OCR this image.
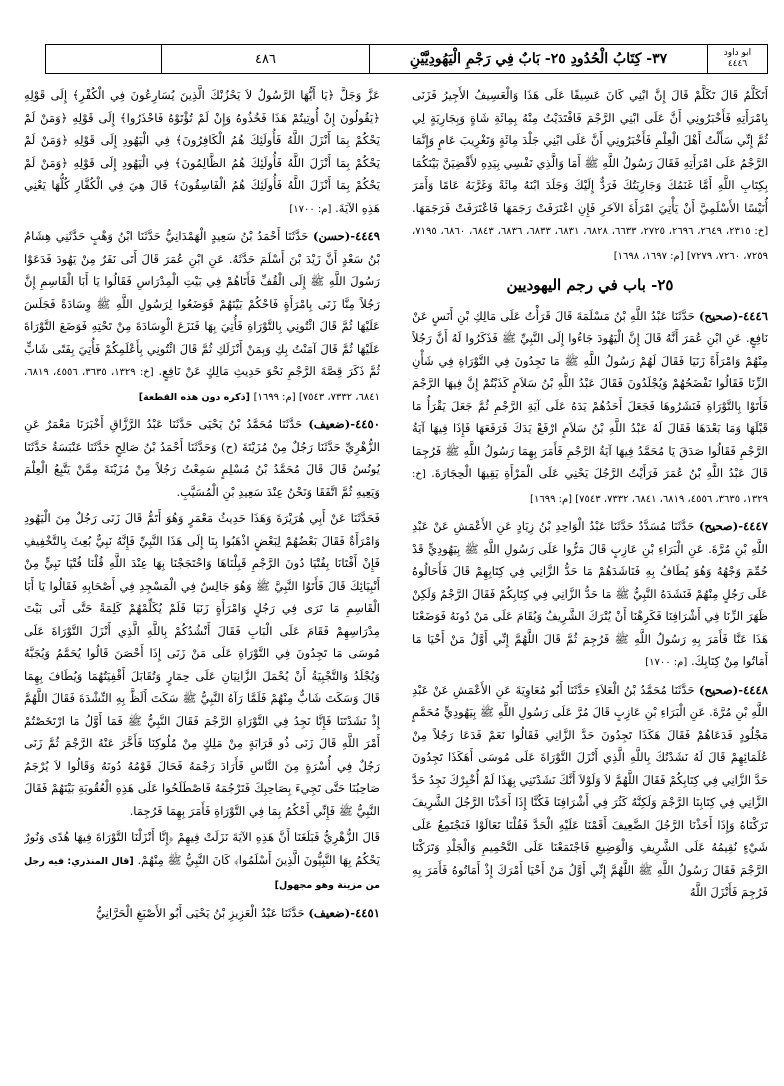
ابو داود
٤٤٤٦
٣٧- كِتَابُ الْحُدُودِ ٢٥- بَابٌ فِي رَجْمِ الْيَهُودِيَّيْنِ
٤٨٦

أَتَكَلَّمُ قَالَ تَكَلَّمْ قَالَ إِنَّ ابْنِي كَانَ عَسِيفًا عَلَى هَذَا وَالْعَسِيفُ الأَجِيرُ فَزَنَى بِامْرَأَتِهِ فَأَخْبَرُونِي أَنَّ عَلَى ابْنِي الرَّجْمَ فَافْتَدَيْتُ مِنْهُ بِمِائَةِ شَاةٍ وَبِجَارِيَةٍ لِي ثُمَّ إِنِّي سَأَلْتُ أَهْلَ الْعِلْمِ فَأَخْبَرُونِي أَنَّ عَلَى ابْنِي جَلْدَ مِائَةٍ وَتَغْرِيبَ عَامٍ وَإِنَّمَا الرَّجْمُ عَلَى امْرَأَتِهِ فَقَالَ رَسُولُ اللَّهِ ﷺ أَمَا وَالَّذِي نَفْسِي بِيَدِهِ لأَقْضِيَنَّ بَيْنَكُمَا بِكِتَابِ اللَّهِ أَمَّا غَنَمُكَ وَجَارِيَتُكَ فَرَدٌّ إِلَيْكَ وَجَلَدَ ابْنَهُ مِائَةً وَغَرَّبَهُ عَامًا وَأَمَرَ أُنَيْسًا الأَسْلَمِيَّ أَنْ يَأْتِيَ امْرَأَةَ الآخَرِ فَإِنِ اعْتَرَفَتْ رَجَمَهَا فَاعْتَرَفَتْ فَرَجَمَهَا. [خ: ٢٣١٥، ٢٦٤٩، ٢٦٩٦، ٢٧٢٥، ٦٦٣٣، ٦٨٢٨، ٦٨٣١، ٦٨٣٣، ٦٨٣٦، ٦٨٤٣، ٦٨٦٠، ٧١٩٥، ٧٢٥٩، ٧٢٦٠، ٧٢٧٩] [م: ١٦٩٧، ١٦٩٨]

٢٥- باب في رجم اليهوديين

٤٤٤٦-(صحيح) حَدَّثَنَا عَبْدُ اللَّهِ بْنُ مَسْلَمَةَ قَالَ قَرَأْتُ عَلَى مَالِكِ بْنِ أَنَسٍ عَنْ نَافِعٍ. عَنِ ابْنِ عُمَرَ أَنَّهُ قَالَ إِنَّ الْيَهُودَ جَاءُوا إِلَى النَّبِيِّ ﷺ فَذَكَرُوا لَهُ أَنَّ رَجُلاً مِنْهُمْ وَامْرَأَةً زَنَيَا فَقَالَ لَهُمْ رَسُولُ اللَّهِ ﷺ مَا تَجِدُونَ فِي التَّوْرَاةِ فِي شَأْنِ الزِّنَا فَقَالُوا نَفْضَحُهُمْ وَيُجْلَدُونَ فَقَالَ عَبْدُ اللَّهِ بْنُ سَلاَمٍ كَذَبْتُمْ إِنَّ فِيهَا الرَّجْمَ فَأَتَوْا بِالتَّوْرَاةِ فَنَشَرُوهَا فَجَعَلَ أَحَدُهُمْ يَدَهُ عَلَى آيَةِ الرَّجْمِ ثُمَّ جَعَلَ يَقْرَأُ مَا قَبْلَهَا وَمَا بَعْدَهَا فَقَالَ لَهُ عَبْدُ اللَّهِ بْنُ سَلاَمٍ ارْفَعْ يَدَكَ فَرَفَعَهَا فَإِذَا فِيهَا آيَةُ الرَّجْمِ فَقَالُوا صَدَقَ يَا مُحَمَّدُ فِيهَا آيَةُ الرَّجْمِ فَأَمَرَ بِهِمَا رَسُولُ اللَّهِ ﷺ فَرُجِمَا قَالَ عَبْدُ اللَّهِ بْنُ عُمَرَ فَرَأَيْتُ الرَّجُلَ يَحْنِي عَلَى الْمَرْأَةِ يَقِيهَا الْحِجَارَةَ. [خ: ١٣٢٩، ٣٦٣٥، ٤٥٥٦، ٦٨١٩، ٦٨٤١، ٧٣٣٢، ٧٥٤٣] [م: ١٦٩٩]

٤٤٤٧-(صحيح) حَدَّثَنَا مُسَدَّدٌ حَدَّثَنَا عَبْدُ الْوَاحِدِ بْنُ زِيَادٍ عَنِ الأَعْمَشِ عَنْ عَبْدِ اللَّهِ بْنِ مُرَّةَ. عَنِ الْبَرَاءِ بْنِ عَازِبٍ قَالَ مَرُّوا عَلَى رَسُولِ اللَّهِ ﷺ بِيَهُودِيٍّ قَدْ حُمِّمَ وَجْهُهُ وَهُوَ يُطَافُ بِهِ فَنَاشَدَهُمْ مَا حَدُّ الزَّانِي فِي كِتَابِهِمْ قَالَ فَأَحَالُوهُ عَلَى رَجُلٍ مِنْهُمْ فَنَشَدَهُ النَّبِيُّ ﷺ مَا حَدُّ الزَّانِي فِي كِتَابِكُمْ فَقَالَ الرَّجْمُ وَلَكِنْ ظَهَرَ الزِّنَا فِي أَشْرَافِنَا فَكَرِهْنَا أَنْ يُتْرَكَ الشَّرِيفُ وَيُقَامَ عَلَى مَنْ دُونَهُ فَوَضَعْنَا هَذَا عَنَّا فَأَمَرَ بِهِ رَسُولُ اللَّهِ ﷺ فَرُجِمَ ثُمَّ قَالَ اللَّهُمَّ إِنِّي أَوَّلُ مَنْ أَحْيَا مَا أَمَاتُوا مِنْ كِتَابِكَ. [م: ١٧٠٠]

٤٤٤٨-(صحيح) حَدَّثَنَا مُحَمَّدُ بْنُ الْعَلاَءِ حَدَّثَنَا أَبُو مُعَاوِيَةَ عَنِ الأَعْمَشِ عَنْ عَبْدِ اللَّهِ بْنِ مُرَّةَ. عَنِ الْبَرَاءِ بْنِ عَازِبٍ قَالَ مُرَّ عَلَى رَسُولِ اللَّهِ ﷺ بِيَهُودِيٍّ مُحَمَّمٍ مَجْلُودٍ فَدَعَاهُمْ فَقَالَ هَكَذَا تَجِدُونَ حَدَّ الزَّانِي فَقَالُوا نَعَمْ فَدَعَا رَجُلاً مِنْ عُلَمَائِهِمْ قَالَ لَهُ نَشَدْتُكَ بِاللَّهِ الَّذِي أَنْزَلَ التَّوْرَاةَ عَلَى مُوسَى أَهَكَذَا تَجِدُونَ حَدَّ الزَّانِي فِي كِتَابِكُمْ فَقَالَ اللَّهُمَّ لاَ وَلَوْلاَ أَنَّكَ نَشَدْتَنِي بِهَذَا لَمْ أُخْبِرْكَ نَجِدُ حَدَّ الزَّانِي فِي كِتَابِنَا الرَّجْمَ وَلَكِنَّهُ كَثُرَ فِي أَشْرَافِنَا فَكُنَّا إِذَا أَخَذْنَا الرَّجُلَ الشَّرِيفَ تَرَكْنَاهُ وَإِذَا أَخَذْنَا الرَّجُلَ الضَّعِيفَ أَقَمْنَا عَلَيْهِ الْحَدَّ فَقُلْنَا تَعَالَوْا فَنَجْتَمِعُ عَلَى شَيْءٍ نُقِيمُهُ عَلَى الشَّرِيفِ وَالْوَضِيعِ فَاجْتَمَعْنَا عَلَى التَّحْمِيمِ وَالْجَلْدِ وَتَرَكْنَا الرَّجْمَ فَقَالَ رَسُولُ اللَّهِ ﷺ اللَّهُمَّ إِنِّي أَوَّلُ مَنْ أَحْيَا أَمْرَكَ إِذْ أَمَاتُوهُ فَأَمَرَ بِهِ فَرُجِمَ فَأَنْزَلَ اللَّهُ

عَزَّ وَجَلَّ ﴿يَا أَيُّهَا الرَّسُولُ لاَ يَحْزُنْكَ الَّذِينَ يُسَارِعُونَ فِي الْكُفْرِ﴾ إِلَى قَوْلِهِ ﴿يَقُولُونَ إِنْ أُوتِيتُمْ هَذَا فَخُذُوهُ وَإِنْ لَمْ تُؤْتَوْهُ فَاحْذَرُوا﴾ إِلَى قَوْلِهِ ﴿وَمَنْ لَمْ يَحْكُمْ بِمَا أَنْزَلَ اللَّهُ فَأُولَئِكَ هُمُ الْكَافِرُونَ﴾ فِي الْيَهُودِ إِلَى قَوْلِهِ ﴿وَمَنْ لَمْ يَحْكُمْ بِمَا أَنْزَلَ اللَّهُ فَأُولَئِكَ هُمُ الظَّالِمُونَ﴾ فِي الْيَهُودِ إِلَى قَوْلِهِ ﴿وَمَنْ لَمْ يَحْكُمْ بِمَا أَنْزَلَ اللَّهُ فَأُولَئِكَ هُمُ الْفَاسِقُونَ﴾ قَالَ هِيَ فِي الْكُفَّارِ كُلُّهَا يَعْنِي هَذِهِ الآيَةَ. [م: ١٧٠٠]

٤٤٤٩-(حسن) حَدَّثَنَا أَحْمَدُ بْنُ سَعِيدٍ الْهَمْدَانِيُّ حَدَّثَنَا ابْنُ وَهْبٍ حَدَّثَنِي هِشَامُ بْنُ سَعْدٍ أَنَّ زَيْدَ بْنَ أَسْلَمَ حَدَّثَهُ. عَنِ ابْنِ عُمَرَ قَالَ أَتَى نَفَرٌ مِنْ يَهُودَ فَدَعَوْا رَسُولَ اللَّهِ ﷺ إِلَى الْقُفِّ فَأَتَاهُمْ فِي بَيْتِ الْمِدْرَاسِ فَقَالُوا يَا أَبَا الْقَاسِمِ إِنَّ رَجُلاً مِنَّا زَنَى بِامْرَأَةٍ فَاحْكُمْ بَيْنَهُمْ فَوَضَعُوا لِرَسُولِ اللَّهِ ﷺ وِسَادَةً فَجَلَسَ عَلَيْهَا ثُمَّ قَالَ ائْتُونِي بِالتَّوْرَاةِ فَأُتِيَ بِهَا فَنَزَعَ الْوِسَادَةَ مِنْ تَحْتِهِ فَوَضَعَ التَّوْرَاةَ عَلَيْهَا ثُمَّ قَالَ آمَنْتُ بِكِ وَبِمَنْ أَنْزَلَكِ ثُمَّ قَالَ ائْتُونِي بِأَعْلَمِكُمْ فَأُتِيَ بِفَتًى شَابٍّ ثُمَّ ذَكَرَ قِصَّةَ الرَّجْمِ نَحْوَ حَدِيثِ مَالِكٍ عَنْ نَافِعٍ. [خ: ١٣٢٩، ٣٦٣٥، ٤٥٥٦، ٦٨١٩، ٦٨٤١، ٧٣٣٢، ٧٥٤٣] [م: ١٦٩٩] [ذكره دون هذه القطعة]

٤٤٥٠-(ضعيف) حَدَّثَنَا مُحَمَّدُ بْنُ يَحْيَى حَدَّثَنَا عَبْدُ الرَّزَّاقِ أَخْبَرَنَا مَعْمَرٌ عَنِ الزُّهْرِيِّ حَدَّثَنَا رَجُلٌ مِنْ مُزَيْنَةَ (ح) وَحَدَّثَنَا أَحْمَدُ بْنُ صَالِحٍ حَدَّثَنَا عَنْبَسَةُ حَدَّثَنَا يُونُسُ قَالَ قَالَ مُحَمَّدُ بْنُ مُسْلِمٍ سَمِعْتُ رَجُلاً مِنْ مُزَيْنَةَ مِمَّنْ يَتَّبِعُ الْعِلْمَ وَيَعِيهِ ثُمَّ اتَّفَقَا وَنَحْنُ عِنْدَ سَعِيدِ بْنِ الْمُسَيَّبِ.

فَحَدَّثَنَا عَنْ أَبِي هُرَيْرَةَ وَهَذَا حَدِيثُ مَعْمَرٍ وَهُوَ أَتَمُّ قَالَ زَنَى رَجُلٌ مِنَ الْيَهُودِ وَامْرَأَةٌ فَقَالَ بَعْضُهُمْ لِبَعْضٍ اذْهَبُوا بِنَا إِلَى هَذَا النَّبِيِّ فَإِنَّهُ نَبِيٌّ بُعِثَ بِالتَّخْفِيفِ فَإِنْ أَفْتَانَا بِفُتْيَا دُونَ الرَّجْمِ قَبِلْنَاهَا وَاحْتَجَجْنَا بِهَا عِنْدَ اللَّهِ قُلْنَا فُتْيَا نَبِيٍّ مِنْ أَنْبِيَائِكَ قَالَ فَأَتَوُا النَّبِيَّ ﷺ وَهُوَ جَالِسٌ فِي الْمَسْجِدِ فِي أَصْحَابِهِ فَقَالُوا يَا أَبَا الْقَاسِمِ مَا تَرَى فِي رَجُلٍ وَامْرَأَةٍ زَنَيَا فَلَمْ يُكَلِّمْهُمْ كَلِمَةً حَتَّى أَتَى بَيْتَ مِدْرَاسِهِمْ فَقَامَ عَلَى الْبَابِ فَقَالَ أَنْشُدُكُمْ بِاللَّهِ الَّذِي أَنْزَلَ التَّوْرَاةَ عَلَى مُوسَى مَا تَجِدُونَ فِي التَّوْرَاةِ عَلَى مَنْ زَنَى إِذَا أَحْصَنَ قَالُوا يُحَمَّمُ وَيُجَبَّهُ وَيُجْلَدُ وَالتَّجْبِيَةُ أَنْ يُحْمَلَ الزَّانِيَانِ عَلَى حِمَارٍ وَتُقَابَلَ أَقْفِيَتُهُمَا وَيُطَافَ بِهِمَا قَالَ وَسَكَتَ شَابٌّ مِنْهُمْ فَلَمَّا رَآهُ النَّبِيُّ ﷺ سَكَتَ أَلَظَّ بِهِ النِّشْدَةَ فَقَالَ اللَّهُمَّ إِذْ نَشَدْتَنَا فَإِنَّا نَجِدُ فِي التَّوْرَاةِ الرَّجْمَ فَقَالَ النَّبِيُّ ﷺ فَمَا أَوَّلُ مَا ارْتَخَصْتُمْ أَمْرَ اللَّهِ قَالَ زَنَى ذُو قَرَابَةٍ مِنْ مَلِكٍ مِنْ مُلُوكِنَا فَأَخَّرَ عَنْهُ الرَّجْمَ ثُمَّ زَنَى رَجُلٌ فِي أُسْرَةٍ مِنَ النَّاسِ فَأَرَادَ رَجْمَهُ فَحَالَ قَوْمُهُ دُونَهُ وَقَالُوا لاَ يُرْجَمُ صَاحِبُنَا حَتَّى تَجِيءَ بِصَاحِبِكَ فَتَرْجُمَهُ فَاصْطَلَحُوا عَلَى هَذِهِ الْعُقُوبَةِ بَيْنَهُمْ فَقَالَ النَّبِيُّ ﷺ فَإِنِّي أَحْكُمُ بِمَا فِي التَّوْرَاةِ فَأَمَرَ بِهِمَا فَرُجِمَا.

قَالَ الزُّهْرِيُّ فَبَلَغَنَا أَنَّ هَذِهِ الآيَةَ نَزَلَتْ فِيهِمْ ﴿إِنَّا أَنْزَلْنَا التَّوْرَاةَ فِيهَا هُدًى وَنُورٌ يَحْكُمُ بِهَا النَّبِيُّونَ الَّذِينَ أَسْلَمُوا﴾ كَانَ النَّبِيُّ ﷺ مِنْهُمْ. [قال المنذري: فيه رجل من مزينة وهو مجهول]

٤٤٥١-(ضعيف) حَدَّثَنَا عَبْدُ الْعَزِيزِ بْنُ يَحْيَى أَبُو الأَصْبَغِ الْحَرَّانِيُّ
